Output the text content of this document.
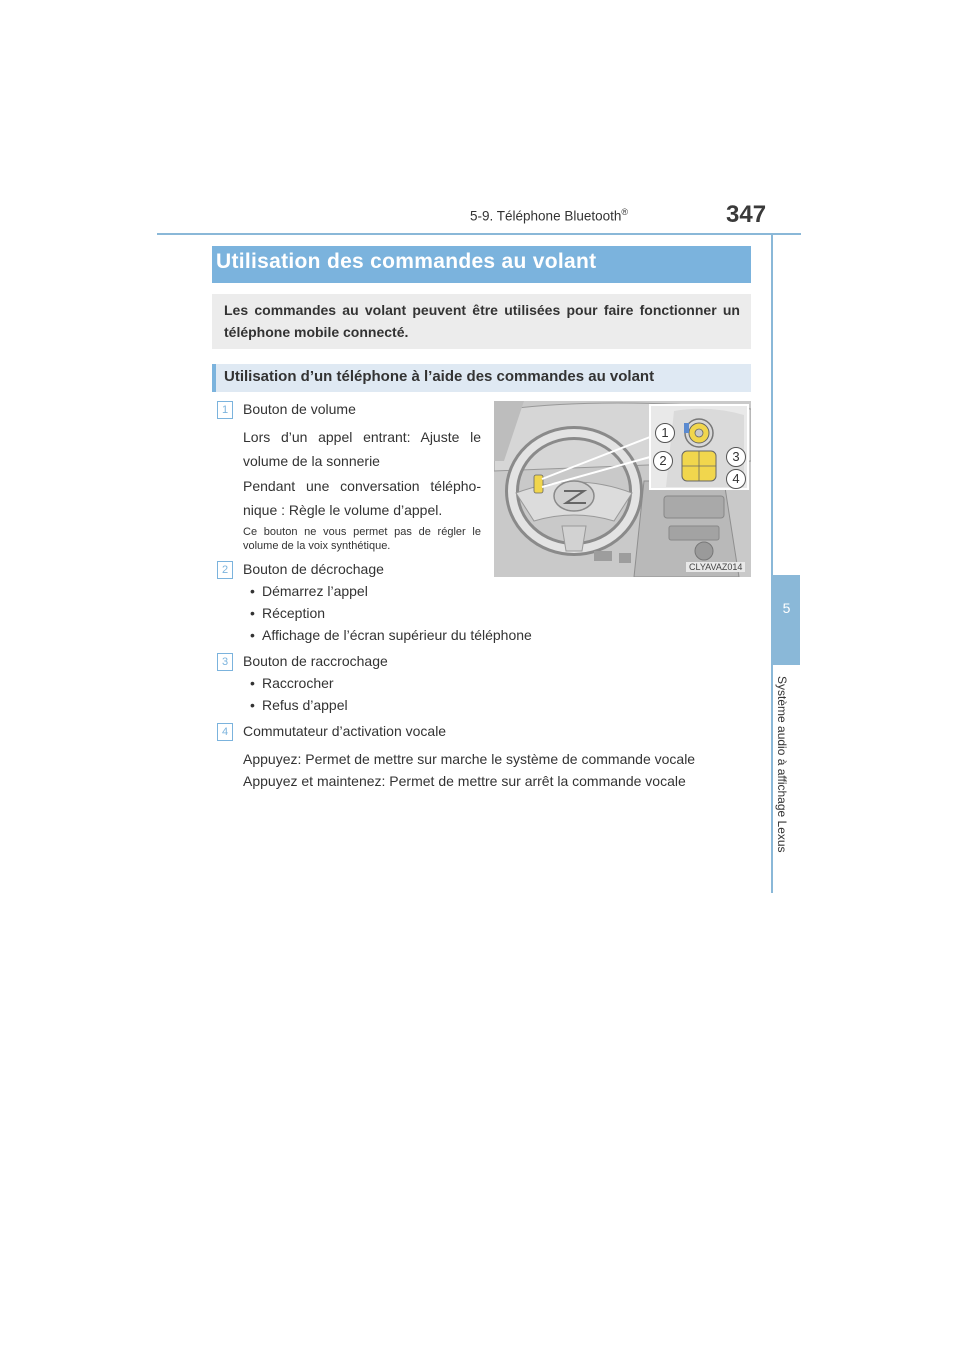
5-9. Téléphone Bluetooth®	347
5
Système audio à affichage Lexus
Utilisation des commandes au volant
Les commandes au volant peuvent être utilisées pour faire fonctionner un téléphone mobile connecté.
Utilisation d’un téléphone à l’aide des commandes au volant
1	Bouton de volume
Lors d’un appel entrant: Ajuste le volume de la sonnerie
Pendant une conversation télépho-nique : Règle le volume d’appel.
Ce bouton ne vous permet pas de régler le volume de la voix synthétique.
2	Bouton de décrochage
• Démarrez l’appel
• Réception
• Affichage de l’écran supérieur du téléphone
3	Bouton de raccrochage
• Raccrocher
• Refus d’appel
4	Commutateur d’activation vocale
Appuyez: Permet de mettre sur marche le système de commande vocale
Appuyez et maintenez: Permet de mettre sur arrêt la commande vocale
1
2	3
4
CLYAVAZ014
